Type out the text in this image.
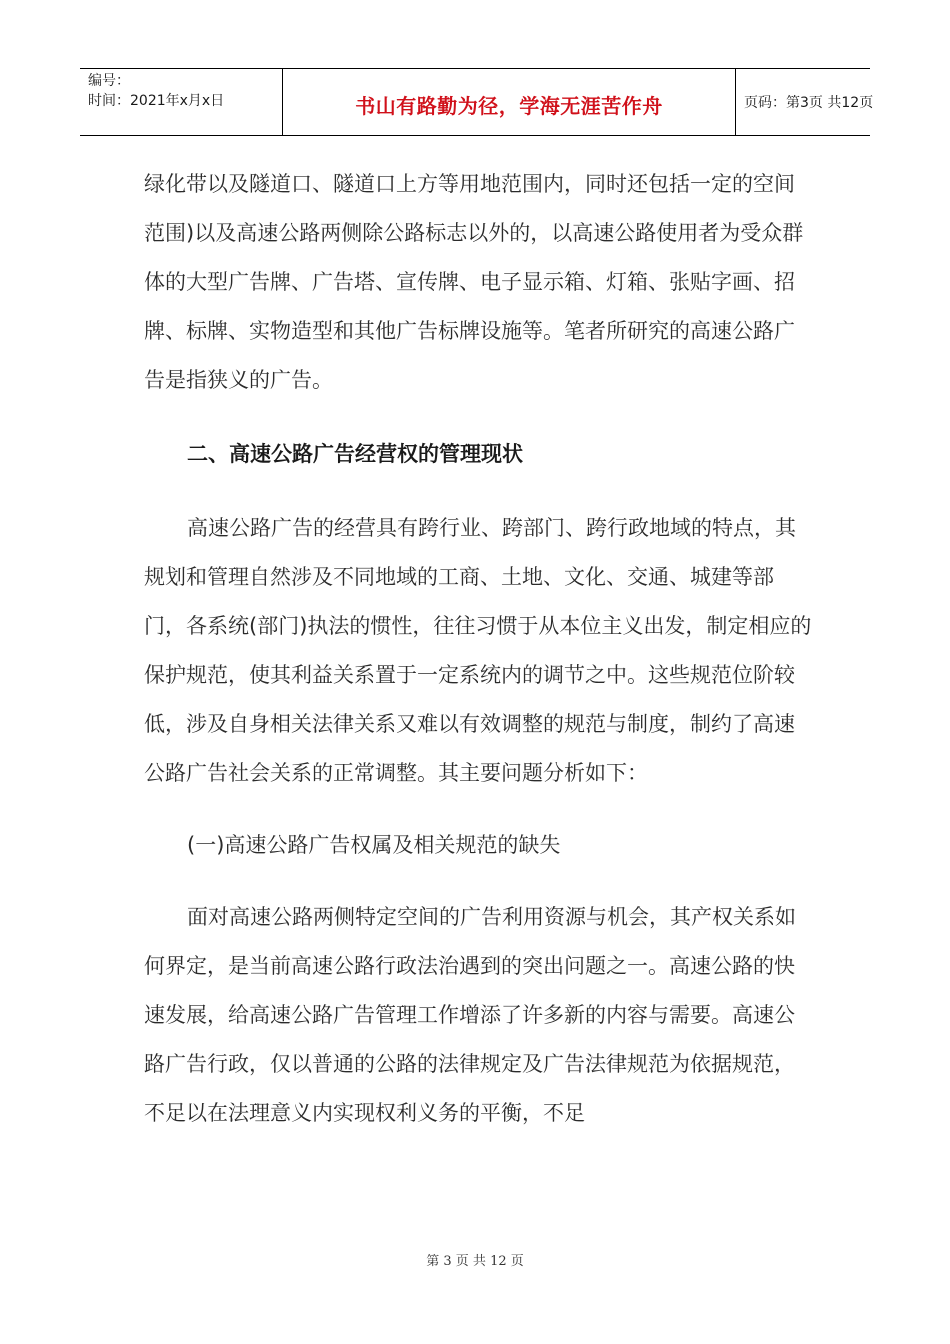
编号：
时间：2021年x月x日	书山有路勤为径，学海无涯苦作舟	页码：第3页 共12页

绿化带以及隧道口、隧道口上方等用地范围内，同时还包括一定的空间范围)以及高速公路两侧除公路标志以外的，以高速公路使用者为受众群体的大型广告牌、广告塔、宣传牌、电子显示箱、灯箱、张贴字画、招牌、标牌、实物造型和其他广告标牌设施等。笔者所研究的高速公路广告是指狭义的广告。

二、高速公路广告经营权的管理现状

高速公路广告的经营具有跨行业、跨部门、跨行政地域的特点，其规划和管理自然涉及不同地域的工商、土地、文化、交通、城建等部门，各系统(部门)执法的惯性，往往习惯于从本位主义出发，制定相应的保护规范，使其利益关系置于一定系统内的调节之中。这些规范位阶较低，涉及自身相关法律关系又难以有效调整的规范与制度，制约了高速公路广告社会关系的正常调整。其主要问题分析如下：

(一)高速公路广告权属及相关规范的缺失

面对高速公路两侧特定空间的广告利用资源与机会，其产权关系如何界定，是当前高速公路行政法治遇到的突出问题之一。高速公路的快速发展，给高速公路广告管理工作增添了许多新的内容与需要。高速公路广告行政，仅以普通的公路的法律规定及广告法律规范为依据规范，不足以在法理意义内实现权利义务的平衡，不足

第 3 页 共 12 页
